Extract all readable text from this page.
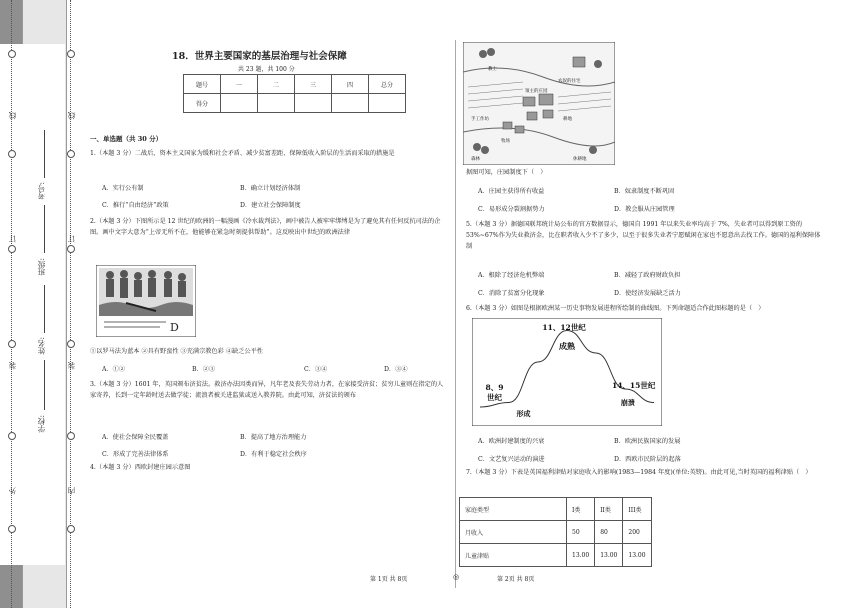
线
订
装
外
线
订
装
内
学校:
姓名:
班级:
考号:
18．世界主要国家的基层治理与社会保障
共 23 题，共 100 分
题号	一	二	三	四	总分
得分					
一、单选题（共 30 分）
1.（本题 3 分）二战后，资本主义国家为缓和社会矛盾、减少贫富差距、保障低收入阶层的生活而采取的措施是
A．实行公有制	B．确立计划经济体制
C．推行“自由经济”政策	D．建立社会保障制度
2.（本题 3 分）下图所示是 12 世纪的欧洲的一幅漫画《冷水裁判法》，画中被告人被牢牢绑缚是为了避免其有任何反抗司法的企图。画中文字大意为“上帝无所不在，他能够在紧急时刻提供帮助”。这反映出中世纪的欧洲法律
D
①以罗马法为蓝本 ②具有野蛮性 ③充满宗教色彩 ④缺乏公平性
A．①②	B．②③	C．③④	D．③④
3.（本题 3 分）1601 年，英国颁布济贫法。救济办法因类而异，凡年老及丧失劳动力者，在家接受济贫；贫穷儿童则在指定的人家寄养，长到一定年龄时送去做学徒；流浪者被关进监狱或送入教养院。由此可知，济贫法的颁布
A．使社会保障全民覆盖	B．提高了地方治理能力
C．形成了完善法律体系	D．有利于稳定社会秩序
4.（本题 3 分）西欧封建庄园示意图
教士
农奴的住宅
领主的庄园
手工作坊	耕地
牧场
森林	休耕地
据图可知，庄园制度下（　）
A．庄园主获得所有收益	B．奴隶制度不断巩固
C．易形成分裂割据势力	D．教会服从庄园管理
5.（本题 3 分）据德国联邦统计局公布的官方数据显示，德国自 1991 年以来失业率均高于 7%，失业者可以得到原工资的 53%~67%作为失业救济金，比在职者收入少不了多少，以至于很多失业者宁愿赋闲在家也不愿意出去找工作。德国的福利保障体制
A．根除了经济危机弊端	B．减轻了政府财政负担
C．消除了贫富分化现象	D．使经济发展缺乏活力
6.（本题 3 分）如图是根据欧洲某一历史事物发展进程所绘制的曲线图。下列命题适合作此图标题的是（　）
11、12世纪
成熟
8、9
世纪
形成
14、15世纪
崩溃
A．欧洲封建制度的兴衰	B．欧洲民族国家的发展
C．文艺复兴运动的演进	D．西欧市民阶层的起落
7.（本题 3 分）下表是英国福利津贴对家庭收入的影响(1983—1984 年度)(单位:英镑)。由此可见,当时英国的福利津贴（　）
家庭类型	I类	II类	III类
月收入	50	80	200
儿童津贴	13.00	13.00	13.00
第 1页 共 8页	◎	第 2页 共 8页
